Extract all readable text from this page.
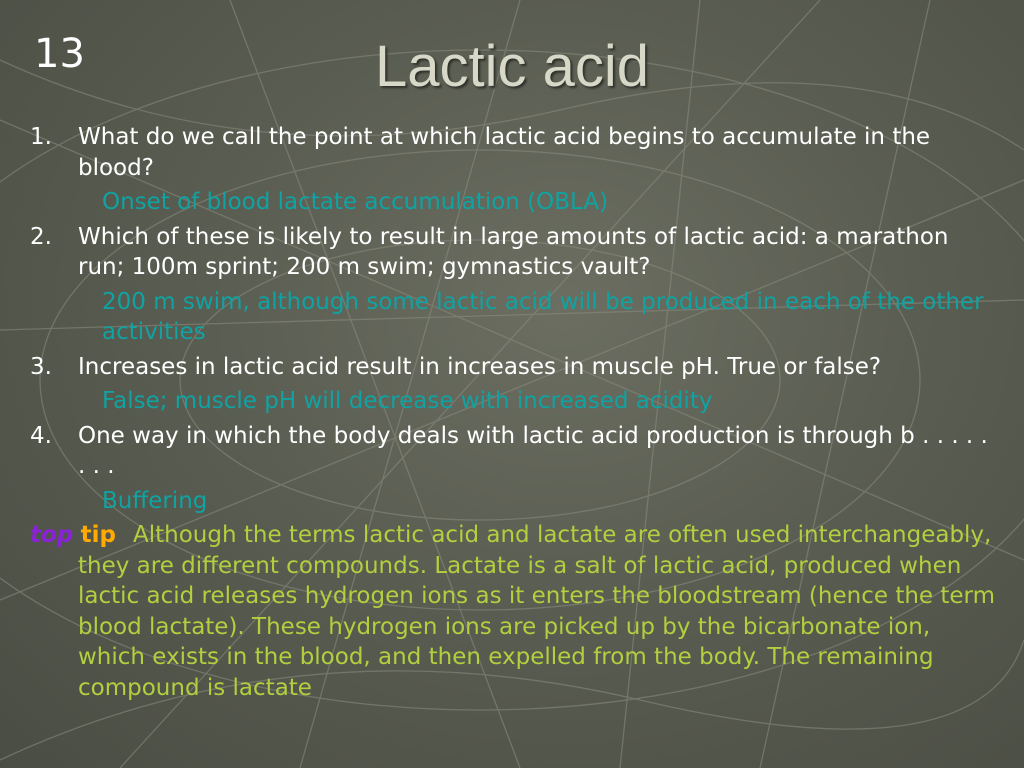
13	Lactic acid
1. What do we call the point at which lactic acid begins to accumulate in the blood?
Onset of blood lactate accumulation (OBLA)
2. Which of these is likely to result in large amounts of lactic acid: a marathon run; 100m sprint; 200 m swim; gymnastics vault?
200 m swim, although some lactic acid will be produced in each of the other activities
3. Increases in lactic acid result in increases in muscle pH. True or false?
False; muscle pH will decrease with increased acidity
4. One way in which the body deals with lactic acid production is through b . . . . . . . .
Buffering
top tip Although the terms lactic acid and lactate are often used interchangeably, they are different compounds. Lactate is a salt of lactic acid, produced when lactic acid releases hydrogen ions as it enters the bloodstream (hence the term blood lactate). These hydrogen ions are picked up by the bicarbonate ion, which exists in the blood, and then expelled from the body. The remaining compound is lactate
